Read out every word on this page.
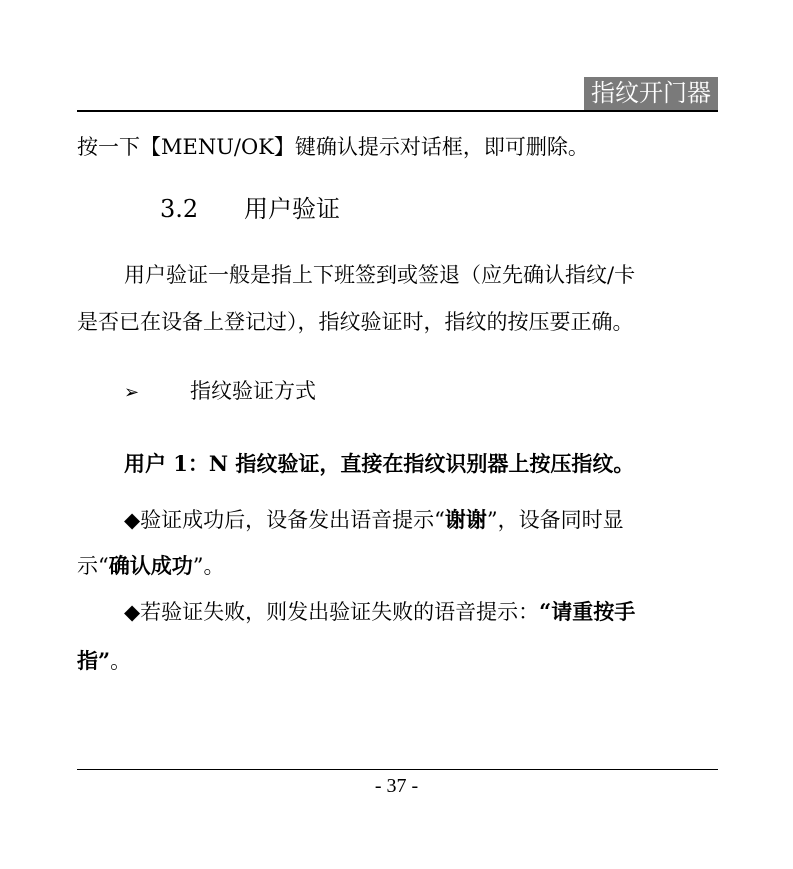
指纹开门器
按一下【MENU/OK】键确认提示对话框，即可删除。
3.2 用户验证
用户验证一般是指上下班签到或签退（应先确认指纹/卡
是否已在设备上登记过），指纹验证时，指纹的按压要正确。
➢ 指纹验证方式
用户 1：N 指纹验证，直接在指纹识别器上按压指纹。
◆验证成功后，设备发出语音提示“谢谢”，设备同时显
示“确认成功”。
◆若验证失败，则发出验证失败的语音提示：“请重按手
指”。
- 37 -
